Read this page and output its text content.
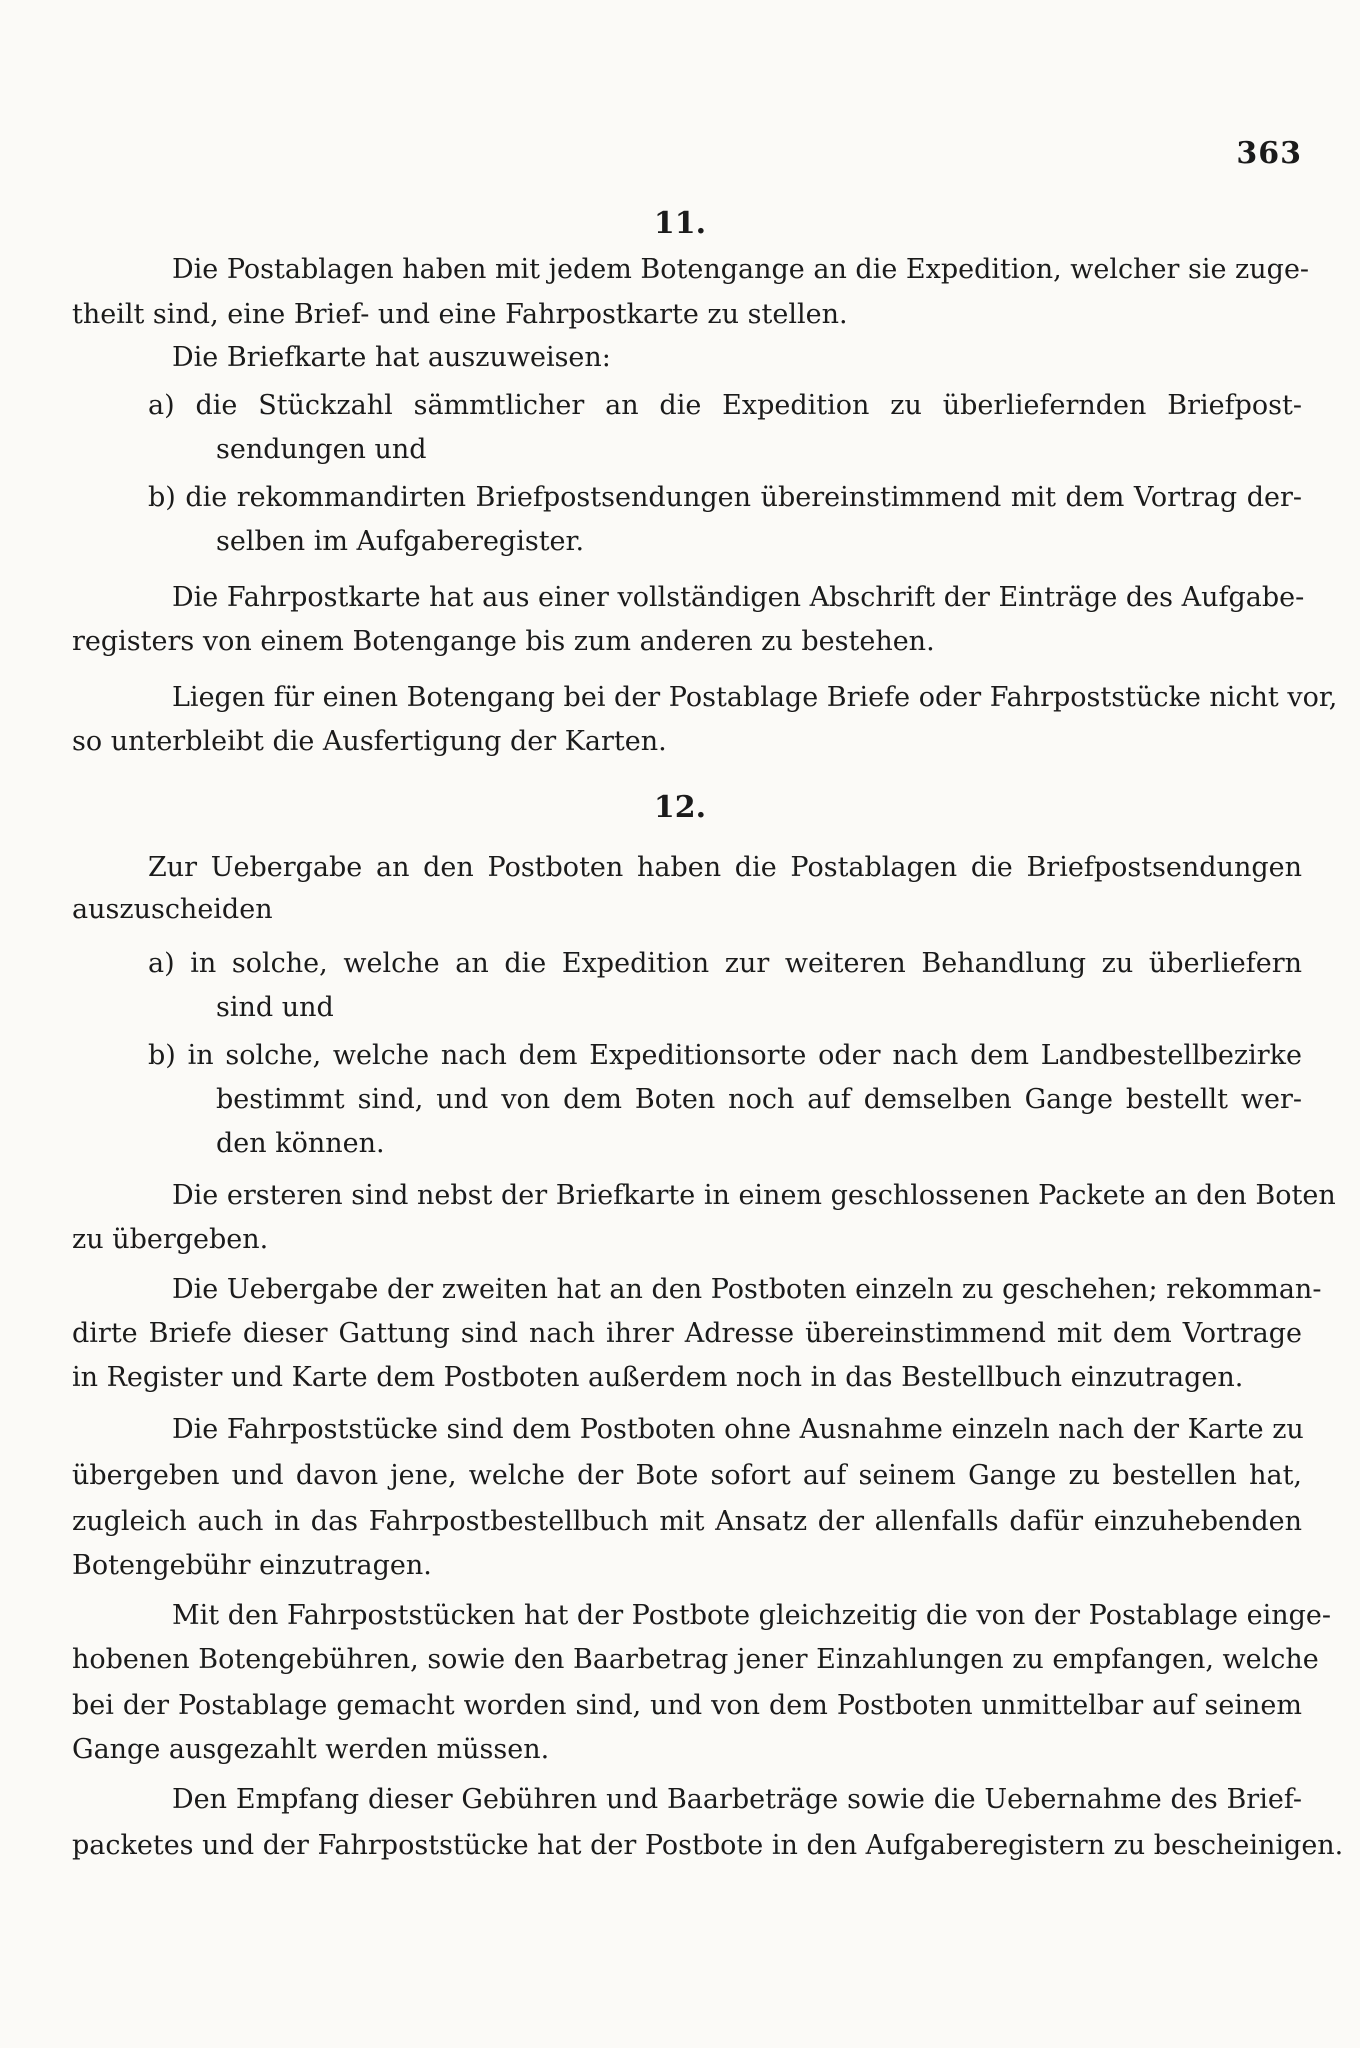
363
11.
Die Postablagen haben mit jedem Botengange an die Expedition, welcher sie zuge-
theilt sind, eine Brief- und eine Fahrpostkarte zu stellen.
Die Briefkarte hat auszuweisen:
a) die Stückzahl sämmtlicher an die Expedition zu überliefernden Briefpost-
sendungen und
b) die rekommandirten Briefpostsendungen übereinstimmend mit dem Vortrag der-
selben im Aufgaberegister.
Die Fahrpostkarte hat aus einer vollständigen Abschrift der Einträge des Aufgabe-
registers von einem Botengange bis zum anderen zu bestehen.
Liegen für einen Botengang bei der Postablage Briefe oder Fahrpoststücke nicht vor,
so unterbleibt die Ausfertigung der Karten.
12.
Zur Uebergabe an den Postboten haben die Postablagen die Briefpostsendungen
auszuscheiden
a) in solche, welche an die Expedition zur weiteren Behandlung zu überliefern
sind und
b) in solche, welche nach dem Expeditionsorte oder nach dem Landbestellbezirke
bestimmt sind, und von dem Boten noch auf demselben Gange bestellt wer-
den können.
Die ersteren sind nebst der Briefkarte in einem geschlossenen Packete an den Boten
zu übergeben.
Die Uebergabe der zweiten hat an den Postboten einzeln zu geschehen; rekomman-
dirte Briefe dieser Gattung sind nach ihrer Adresse übereinstimmend mit dem Vortrage
in Register und Karte dem Postboten außerdem noch in das Bestellbuch einzutragen.
Die Fahrpoststücke sind dem Postboten ohne Ausnahme einzeln nach der Karte zu
übergeben und davon jene, welche der Bote sofort auf seinem Gange zu bestellen hat,
zugleich auch in das Fahrpostbestellbuch mit Ansatz der allenfalls dafür einzuhebenden
Botengebühr einzutragen.
Mit den Fahrpoststücken hat der Postbote gleichzeitig die von der Postablage einge-
hobenen Botengebühren, sowie den Baarbetrag jener Einzahlungen zu empfangen, welche
bei der Postablage gemacht worden sind, und von dem Postboten unmittelbar auf seinem
Gange ausgezahlt werden müssen.
Den Empfang dieser Gebühren und Baarbeträge sowie die Uebernahme des Brief-
packetes und der Fahrpoststücke hat der Postbote in den Aufgaberegistern zu bescheinigen.
